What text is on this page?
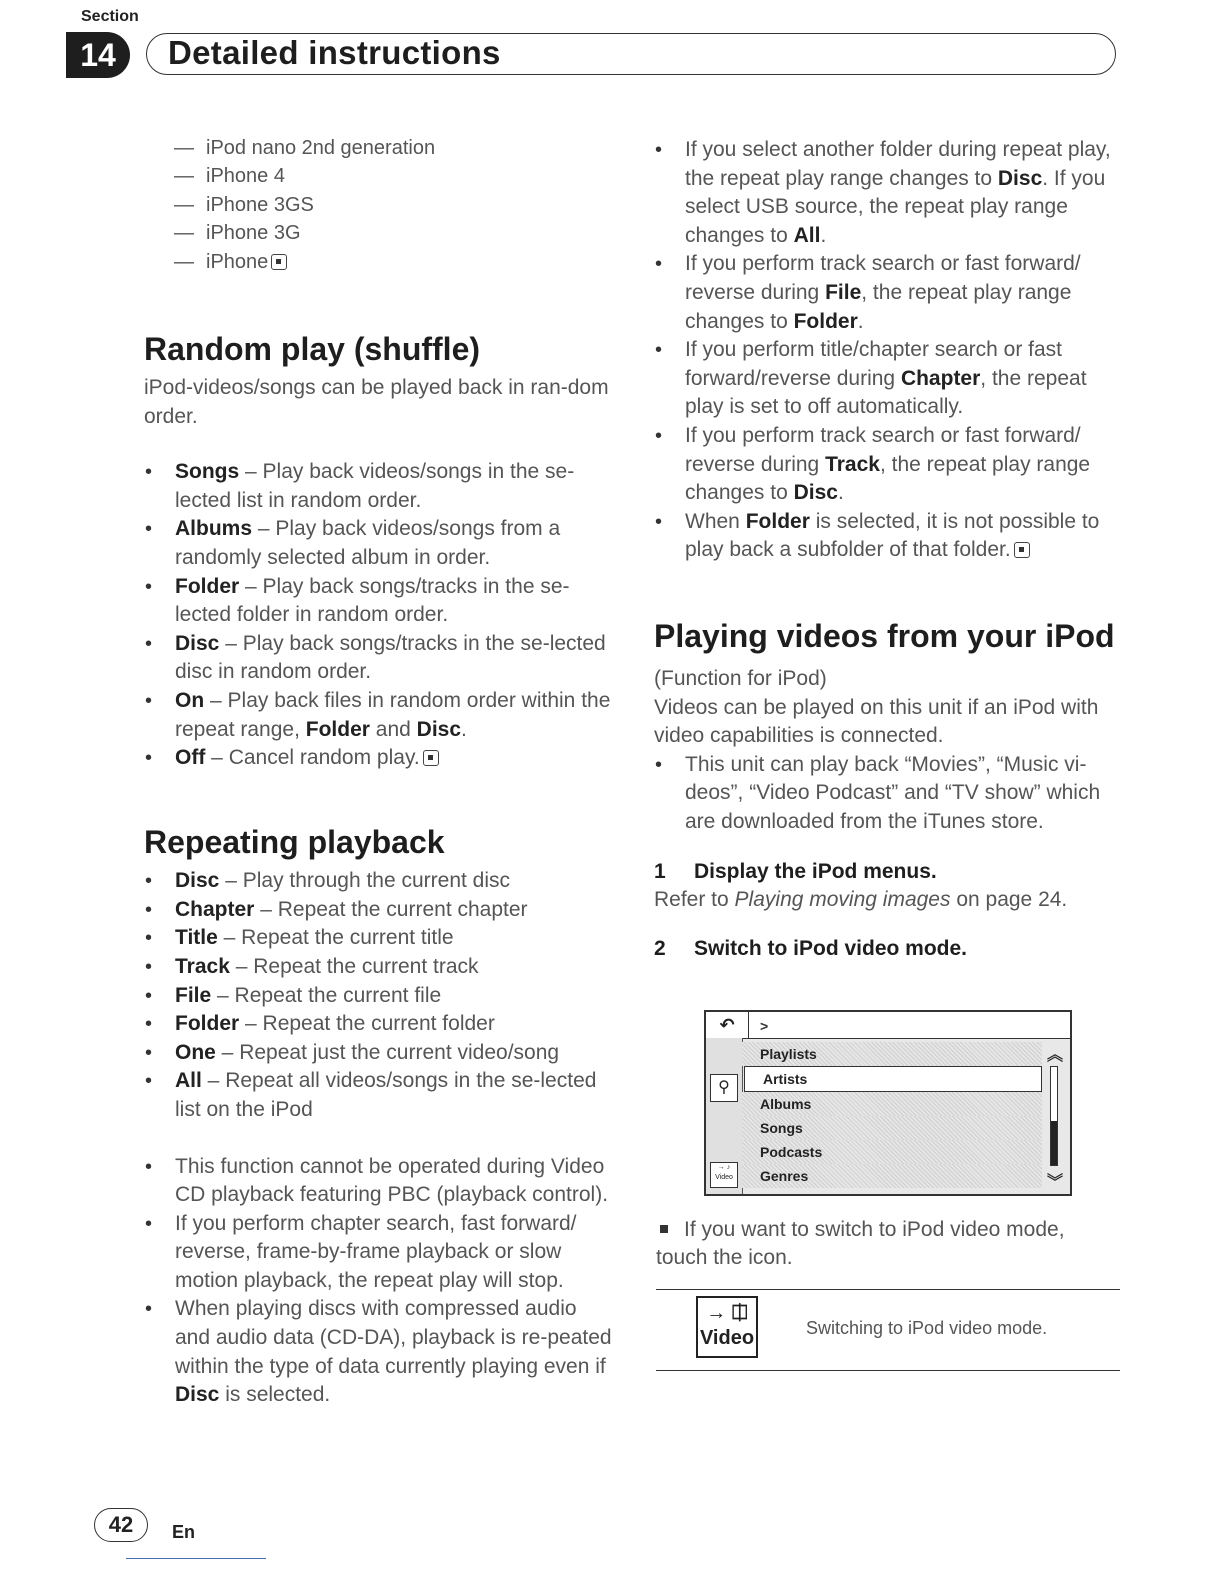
Section
14	Detailed instructions
— iPod nano 2nd generation
— iPhone 4
— iPhone 3GS
— iPhone 3G
— iPhone
Random play (shuffle)

iPod-videos/songs can be played back in ran-dom order.

• Songs – Play back videos/songs in the se-lected list in random order.
• Albums – Play back videos/songs from a randomly selected album in order.
• Folder – Play back songs/tracks in the se-lected folder in random order.
• Disc – Play back songs/tracks in the se-lected disc in random order.
• On – Play back files in random order within the repeat range, Folder and Disc.
• Off – Cancel random play.
Repeating playback
• Disc – Play through the current disc
• Chapter – Repeat the current chapter
• Title – Repeat the current title
• Track – Repeat the current track
• File – Repeat the current file
• Folder – Repeat the current folder
• One – Repeat just the current video/song
• All – Repeat all videos/songs in the se-lected list on the iPod
• This function cannot be operated during Video CD playback featuring PBC (playback control).
• If you perform chapter search, fast forward/ reverse, frame-by-frame playback or slow motion playback, the repeat play will stop.
• When playing discs with compressed audio and audio data (CD-DA), playback is re-peated within the type of data currently playing even if Disc is selected.
• If you select another folder during repeat play, the repeat play range changes to Disc. If you select USB source, the repeat play range changes to All.
• If you perform track search or fast forward/ reverse during File, the repeat play range changes to Folder.
• If you perform title/chapter search or fast forward/reverse during Chapter, the repeat play is set to off automatically.
• If you perform track search or fast forward/ reverse during Track, the repeat play range changes to Disc.
• When Folder is selected, it is not possible to play back a subfolder of that folder.
Playing videos from your iPod

(Function for iPod)

Videos can be played on this unit if an iPod with video capabilities is connected.

• This unit can play back “Movies”, “Music vi-deos”, “Video Podcast” and “TV show” which are downloaded from the iTunes store.
1 Display the iPod menus.

Refer to Playing moving images on page 24.

2 Switch to iPod video mode.
↶	>
⚲
→ ♪
Video
Playlists
Artists
Albums
Songs
Podcasts
Genres
︽
︾

If you want to switch to iPod video mode, touch the icon.

→ ⎅
Video	Switching to iPod video mode.
42	En
